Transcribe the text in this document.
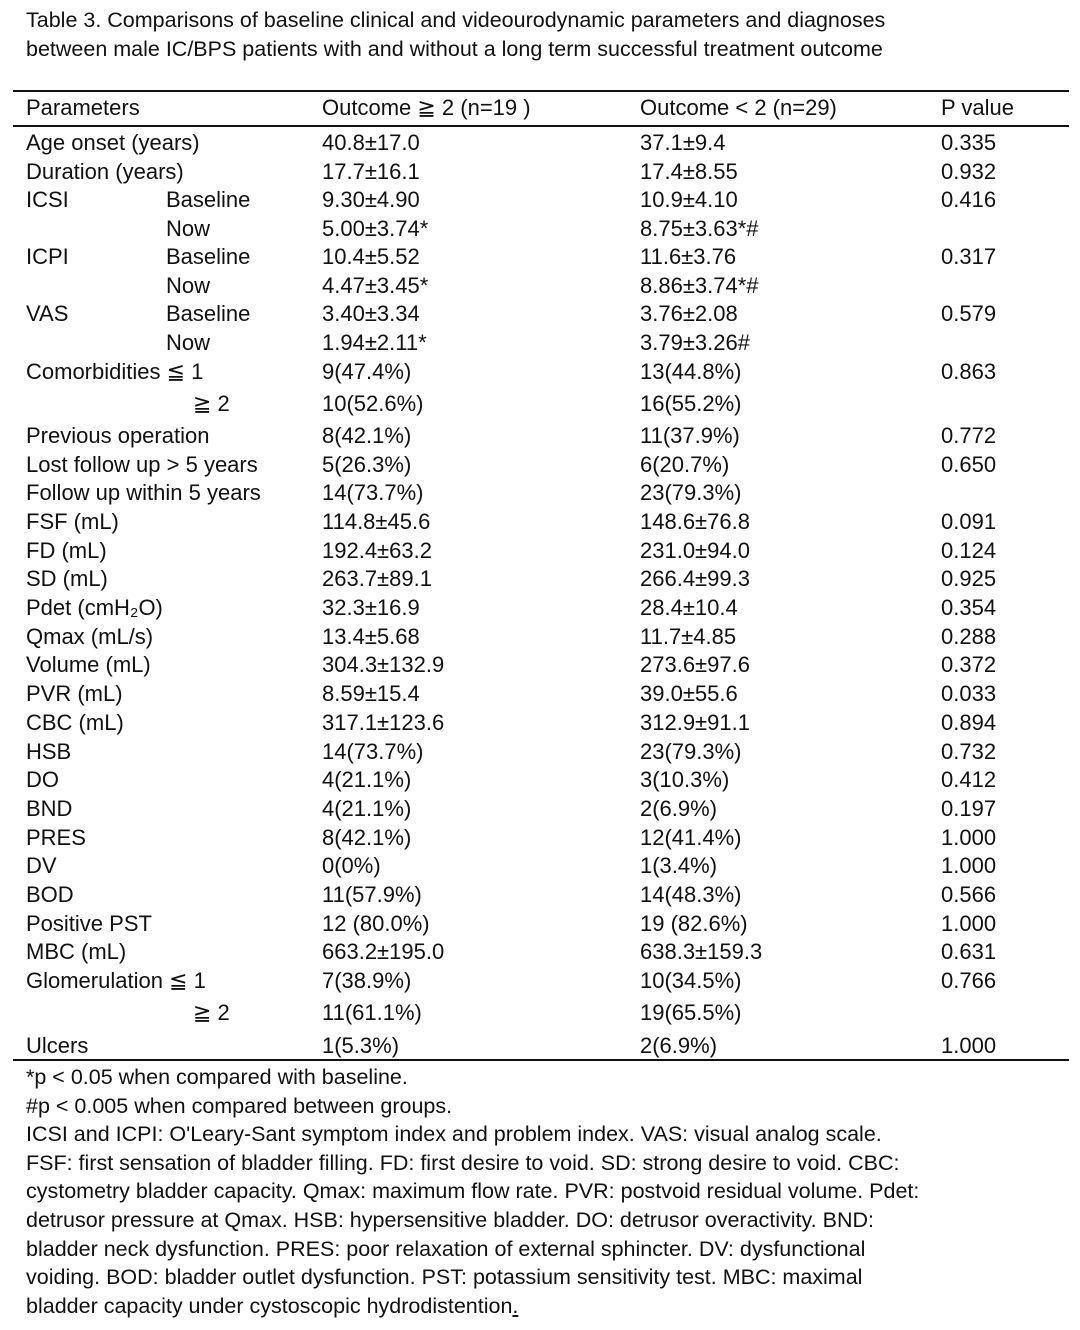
Table 3. Comparisons of baseline clinical and videourodynamic parameters and diagnoses
between male IC/BPS patients with and without a long term successful treatment outcome
Parameters	Outcome ≧ 2 (n=19 )	Outcome < 2 (n=29)	P value
Age onset (years)	40.8±17.0	37.1±9.4	0.335
Duration (years)	17.7±16.1	17.4±8.55	0.932
ICSI	Baseline	9.30±4.90	10.9±4.10	0.416
Now	5.00±3.74*	8.75±3.63*#
ICPI	Baseline	10.4±5.52	11.6±3.76	0.317
Now	4.47±3.45*	8.86±3.74*#
VAS	Baseline	3.40±3.34	3.76±2.08	0.579
Now	1.94±2.11*	3.79±3.26#
Comorbidities ≦ 1	9(47.4%)	13(44.8%)	0.863
≧ 2	10(52.6%)	16(55.2%)
Previous operation	8(42.1%)	11(37.9%)	0.772
Lost follow up > 5 years	5(26.3%)	6(20.7%)	0.650
Follow up within 5 years	14(73.7%)	23(79.3%)
FSF (mL)	114.8±45.6	148.6±76.8	0.091
FD (mL)	192.4±63.2	231.0±94.0	0.124
SD (mL)	263.7±89.1	266.4±99.3	0.925
Pdet (cmH₂O)	32.3±16.9	28.4±10.4	0.354
Qmax (mL/s)	13.4±5.68	11.7±4.85	0.288
Volume (mL)	304.3±132.9	273.6±97.6	0.372
PVR (mL)	8.59±15.4	39.0±55.6	0.033
CBC (mL)	317.1±123.6	312.9±91.1	0.894
HSB	14(73.7%)	23(79.3%)	0.732
DO	4(21.1%)	3(10.3%)	0.412
BND	4(21.1%)	2(6.9%)	0.197
PRES	8(42.1%)	12(41.4%)	1.000
DV	0(0%)	1(3.4%)	1.000
BOD	11(57.9%)	14(48.3%)	0.566
Positive PST	12 (80.0%)	19 (82.6%)	1.000
MBC (mL)	663.2±195.0	638.3±159.3	0.631
Glomerulation ≦ 1	7(38.9%)	10(34.5%)	0.766
≧ 2	11(61.1%)	19(65.5%)
Ulcers	1(5.3%)	2(6.9%)	1.000
*p < 0.05 when compared with baseline.
#p < 0.005 when compared between groups.
ICSI and ICPI: O'Leary-Sant symptom index and problem index. VAS: visual analog scale.
FSF: first sensation of bladder filling. FD: first desire to void. SD: strong desire to void. CBC:
cystometry bladder capacity. Qmax: maximum flow rate. PVR: postvoid residual volume. Pdet:
detrusor pressure at Qmax. HSB: hypersensitive bladder. DO: detrusor overactivity. BND:
bladder neck dysfunction. PRES: poor relaxation of external sphincter. DV: dysfunctional
voiding. BOD: bladder outlet dysfunction. PST: potassium sensitivity test. MBC: maximal
bladder capacity under cystoscopic hydrodistention.
